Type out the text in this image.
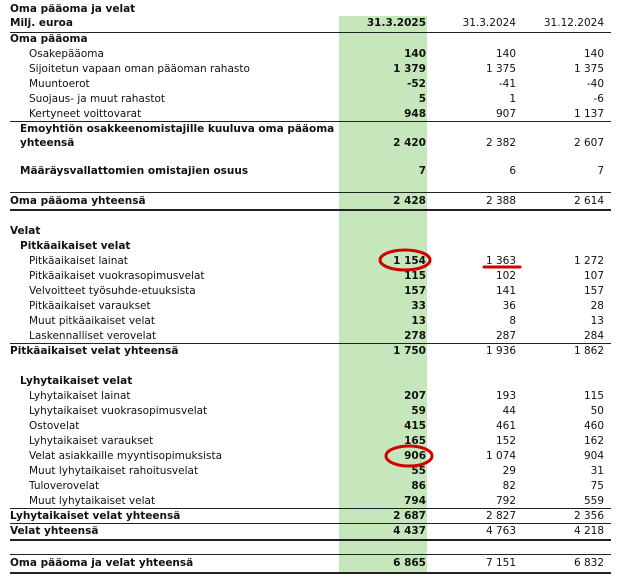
Oma pääoma ja velat
Milj. euroa	31.3.2025	31.3.2024	31.12.2024
Oma pääoma
Osakepääoma	140	140	140
Sijoitetun vapaan oman pääoman rahasto	1 379	1 375	1 375
Muuntoerot	-52	-41	-40
Suojaus- ja muut rahastot	5	1	-6
Kertyneet voittovarat	948	907	1 137
Emoyhtiön osakkeenomistajille kuuluva oma pääoma
yhteensä	2 420	2 382	2 607
Määräysvallattomien omistajien osuus	7	6	7
Oma pääoma yhteensä	2 428	2 388	2 614
Velat
Pitkäaikaiset velat
Pitkäaikaiset lainat	1 154	1 363	1 272
Pitkäaikaiset vuokrasopimusvelat	115	102	107
Velvoitteet työsuhde-etuuksista	157	141	157
Pitkäaikaiset varaukset	33	36	28
Muut pitkäaikaiset velat	13	8	13
Laskennalliset verovelat	278	287	284
Pitkäaikaiset velat yhteensä	1 750	1 936	1 862
Lyhytaikaiset velat
Lyhytaikaiset lainat	207	193	115
Lyhytaikaiset vuokrasopimusvelat	59	44	50
Ostovelat	415	461	460
Lyhytaikaiset varaukset	165	152	162
Velat asiakkaille myyntisopimuksista	906	1 074	904
Muut lyhytaikaiset rahoitusvelat	55	29	31
Tuloverovelat	86	82	75
Muut lyhytaikaiset velat	794	792	559
Lyhytaikaiset velat yhteensä	2 687	2 827	2 356
Velat yhteensä	4 437	4 763	4 218
Oma pääoma ja velat yhteensä	6 865	7 151	6 832
